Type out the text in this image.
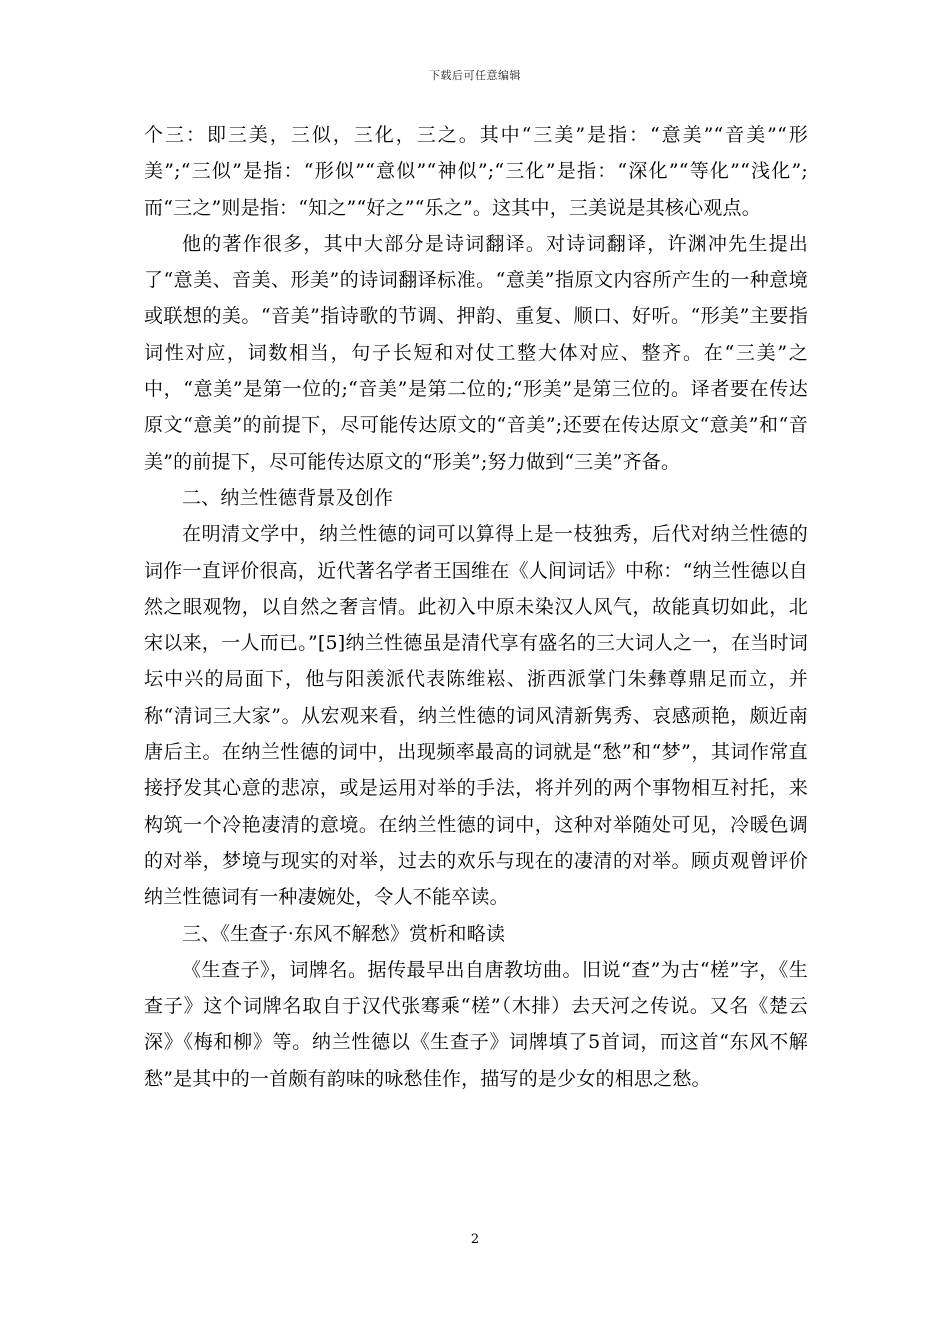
下载后可任意编辑

个三：即三美，三似，三化，三之。其中“三美”是指：“意美”“音美”“形美”;“三似”是指：“形似”“意似”“神似”;“三化”是指：“深化”“等化”“浅化”;而“三之”则是指：“知之”“好之”“乐之”。这其中，三美说是其核心观点。

他的著作很多，其中大部分是诗词翻译。对诗词翻译，许渊冲先生提出了“意美、音美、形美”的诗词翻译标准。“意美”指原文内容所产生的一种意境或联想的美。“音美”指诗歌的节调、押韵、重复、顺口、好听。“形美”主要指词性对应，词数相当，句子长短和对仗工整大体对应、整齐。在“三美”之中，“意美”是第一位的;“音美”是第二位的;“形美”是第三位的。译者要在传达原文“意美”的前提下，尽可能传达原文的“音美”;还要在传达原文“意美”和“音美”的前提下，尽可能传达原文的“形美”;努力做到“三美”齐备。

二、纳兰性德背景及创作

在明清文学中，纳兰性德的词可以算得上是一枝独秀，后代对纳兰性德的词作一直评价很高，近代著名学者王国维在《人间词话》中称：“纳兰性德以自然之眼观物，以自然之奢言情。此初入中原未染汉人风气，故能真切如此，北宋以来，一人而已。”[5]纳兰性德虽是清代享有盛名的三大词人之一，在当时词坛中兴的局面下，他与阳羡派代表陈维崧、浙西派掌门朱彝尊鼎足而立，并称“清词三大家”。从宏观来看，纳兰性德的词风清新隽秀、哀感顽艳，颇近南唐后主。在纳兰性德的词中，出现频率最高的词就是“愁”和“梦”，其词作常直接抒发其心意的悲凉，或是运用对举的手法，将并列的两个事物相互衬托，来构筑一个冷艳凄清的意境。在纳兰性德的词中，这种对举随处可见，冷暖色调的对举，梦境与现实的对举，过去的欢乐与现在的凄清的对举。顾贞观曾评价纳兰性德词有一种凄婉处，令人不能卒读。

三、《生查子·东风不解愁》赏析和略读

《生查子》，词牌名。据传最早出自唐教坊曲。旧说“查”为古“槎”字，《生查子》这个词牌名取自于汉代张骞乘“槎”（木排）去天河之传说。又名《楚云深》《梅和柳》等。纳兰性德以《生查子》词牌填了5首词，而这首“东风不解愁”是其中的一首颇有韵味的咏愁佳作，描写的是少女的相思之愁。

2
